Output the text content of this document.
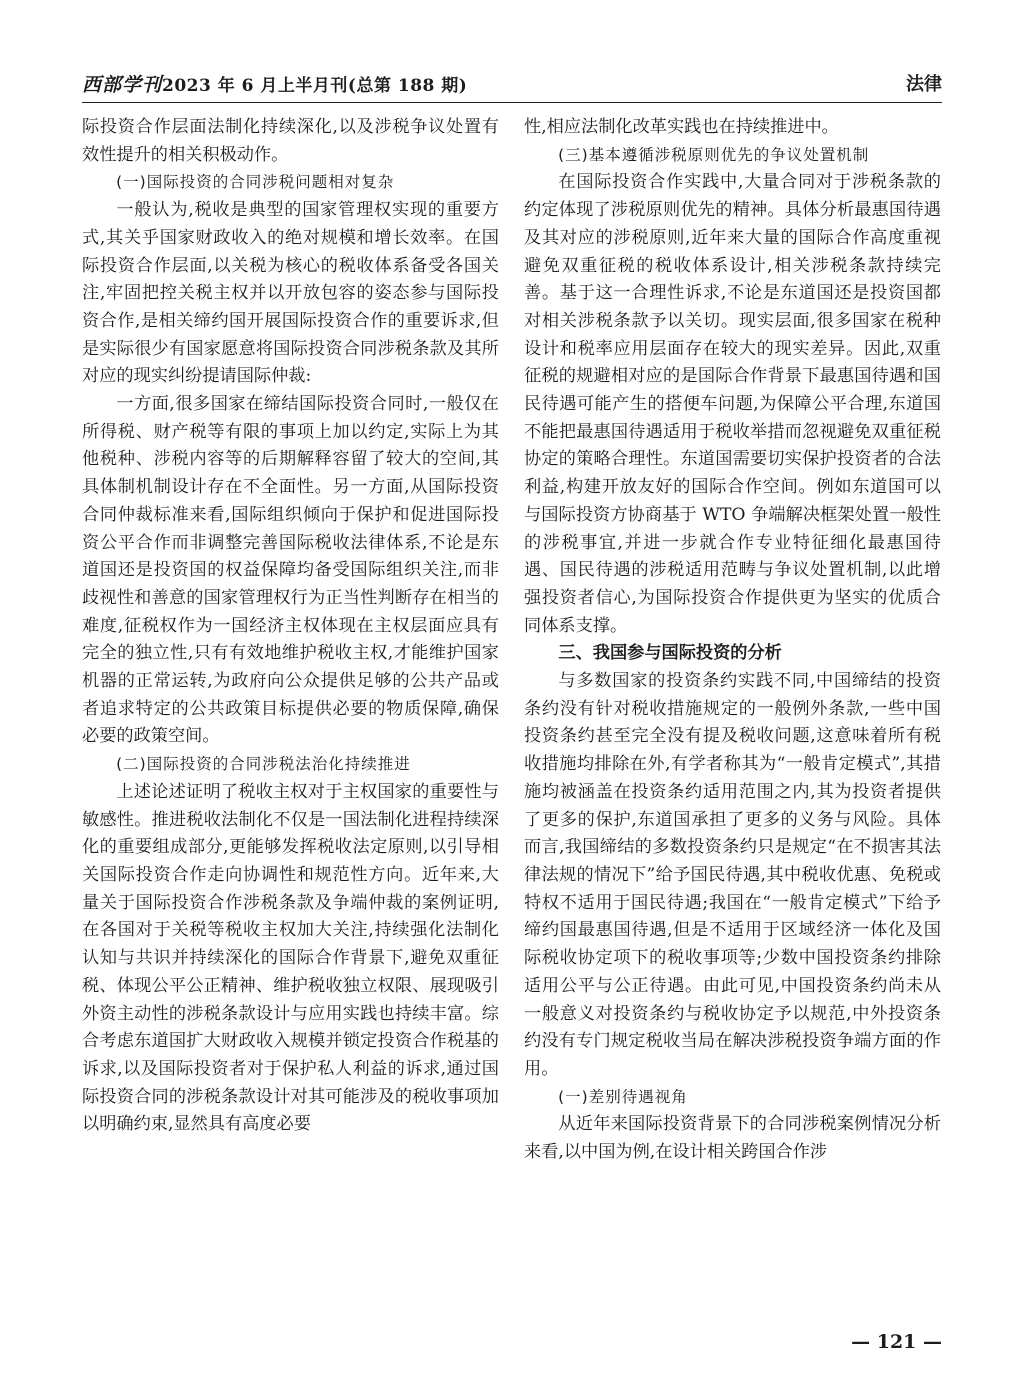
西部学刊2023 年 6 月上半月刊(总第 188 期)	法律

际投资合作层面法制化持续深化,以及涉税争议处置有效性提升的相关积极动作。

(一)国际投资的合同涉税问题相对复杂

一般认为,税收是典型的国家管理权实现的重要方式,其关乎国家财政收入的绝对规模和增长效率。在国际投资合作层面,以关税为核心的税收体系备受各国关注,牢固把控关税主权并以开放包容的姿态参与国际投资合作,是相关缔约国开展国际投资合作的重要诉求,但是实际很少有国家愿意将国际投资合同涉税条款及其所对应的现实纠纷提请国际仲裁:

一方面,很多国家在缔结国际投资合同时,一般仅在所得税、财产税等有限的事项上加以约定,实际上为其他税种、涉税内容等的后期解释容留了较大的空间,其具体制机制设计存在不全面性。另一方面,从国际投资合同仲裁标准来看,国际组织倾向于保护和促进国际投资公平合作而非调整完善国际税收法律体系,不论是东道国还是投资国的权益保障均备受国际组织关注,而非歧视性和善意的国家管理权行为正当性判断存在相当的难度,征税权作为一国经济主权体现在主权层面应具有完全的独立性,只有有效地维护税收主权,才能维护国家机器的正常运转,为政府向公众提供足够的公共产品或者追求特定的公共政策目标提供必要的物质保障,确保必要的政策空间。

(二)国际投资的合同涉税法治化持续推进

上述论述证明了税收主权对于主权国家的重要性与敏感性。推进税收法制化不仅是一国法制化进程持续深化的重要组成部分,更能够发挥税收法定原则,以引导相关国际投资合作走向协调性和规范性方向。近年来,大量关于国际投资合作涉税条款及争端仲裁的案例证明,在各国对于关税等税收主权加大关注,持续强化法制化认知与共识并持续深化的国际合作背景下,避免双重征税、体现公平公正精神、维护税收独立权限、展现吸引外资主动性的涉税条款设计与应用实践也持续丰富。综合考虑东道国扩大财政收入规模并锁定投资合作税基的诉求,以及国际投资者对于保护私人利益的诉求,通过国际投资合同的涉税条款设计对其可能涉及的税收事项加以明确约束,显然具有高度必要

性,相应法制化改革实践也在持续推进中。

(三)基本遵循涉税原则优先的争议处置机制

在国际投资合作实践中,大量合同对于涉税条款的约定体现了涉税原则优先的精神。具体分析最惠国待遇及其对应的涉税原则,近年来大量的国际合作高度重视避免双重征税的税收体系设计,相关涉税条款持续完善。基于这一合理性诉求,不论是东道国还是投资国都对相关涉税条款予以关切。现实层面,很多国家在税种设计和税率应用层面存在较大的现实差异。因此,双重征税的规避相对应的是国际合作背景下最惠国待遇和国民待遇可能产生的搭便车问题,为保障公平合理,东道国不能把最惠国待遇适用于税收举措而忽视避免双重征税协定的策略合理性。东道国需要切实保护投资者的合法利益,构建开放友好的国际合作空间。例如东道国可以与国际投资方协商基于 WTO 争端解决框架处置一般性的涉税事宜,并进一步就合作专业特征细化最惠国待遇、国民待遇的涉税适用范畴与争议处置机制,以此增强投资者信心,为国际投资合作提供更为坚实的优质合同体系支撑。

三、我国参与国际投资的分析

与多数国家的投资条约实践不同,中国缔结的投资条约没有针对税收措施规定的一般例外条款,一些中国投资条约甚至完全没有提及税收问题,这意味着所有税收措施均排除在外,有学者称其为“一般肯定模式”,其措施均被涵盖在投资条约适用范围之内,其为投资者提供了更多的保护,东道国承担了更多的义务与风险。具体而言,我国缔结的多数投资条约只是规定“在不损害其法律法规的情况下”给予国民待遇,其中税收优惠、免税或特权不适用于国民待遇;我国在“一般肯定模式”下给予缔约国最惠国待遇,但是不适用于区域经济一体化及国际税收协定项下的税收事项等;少数中国投资条约排除适用公平与公正待遇。由此可见,中国投资条约尚未从一般意义对投资条约与税收协定予以规范,中外投资条约没有专门规定税收当局在解决涉税投资争端方面的作用。

(一)差别待遇视角

从近年来国际投资背景下的合同涉税案例情况分析来看,以中国为例,在设计相关跨国合作涉

— 121 —
